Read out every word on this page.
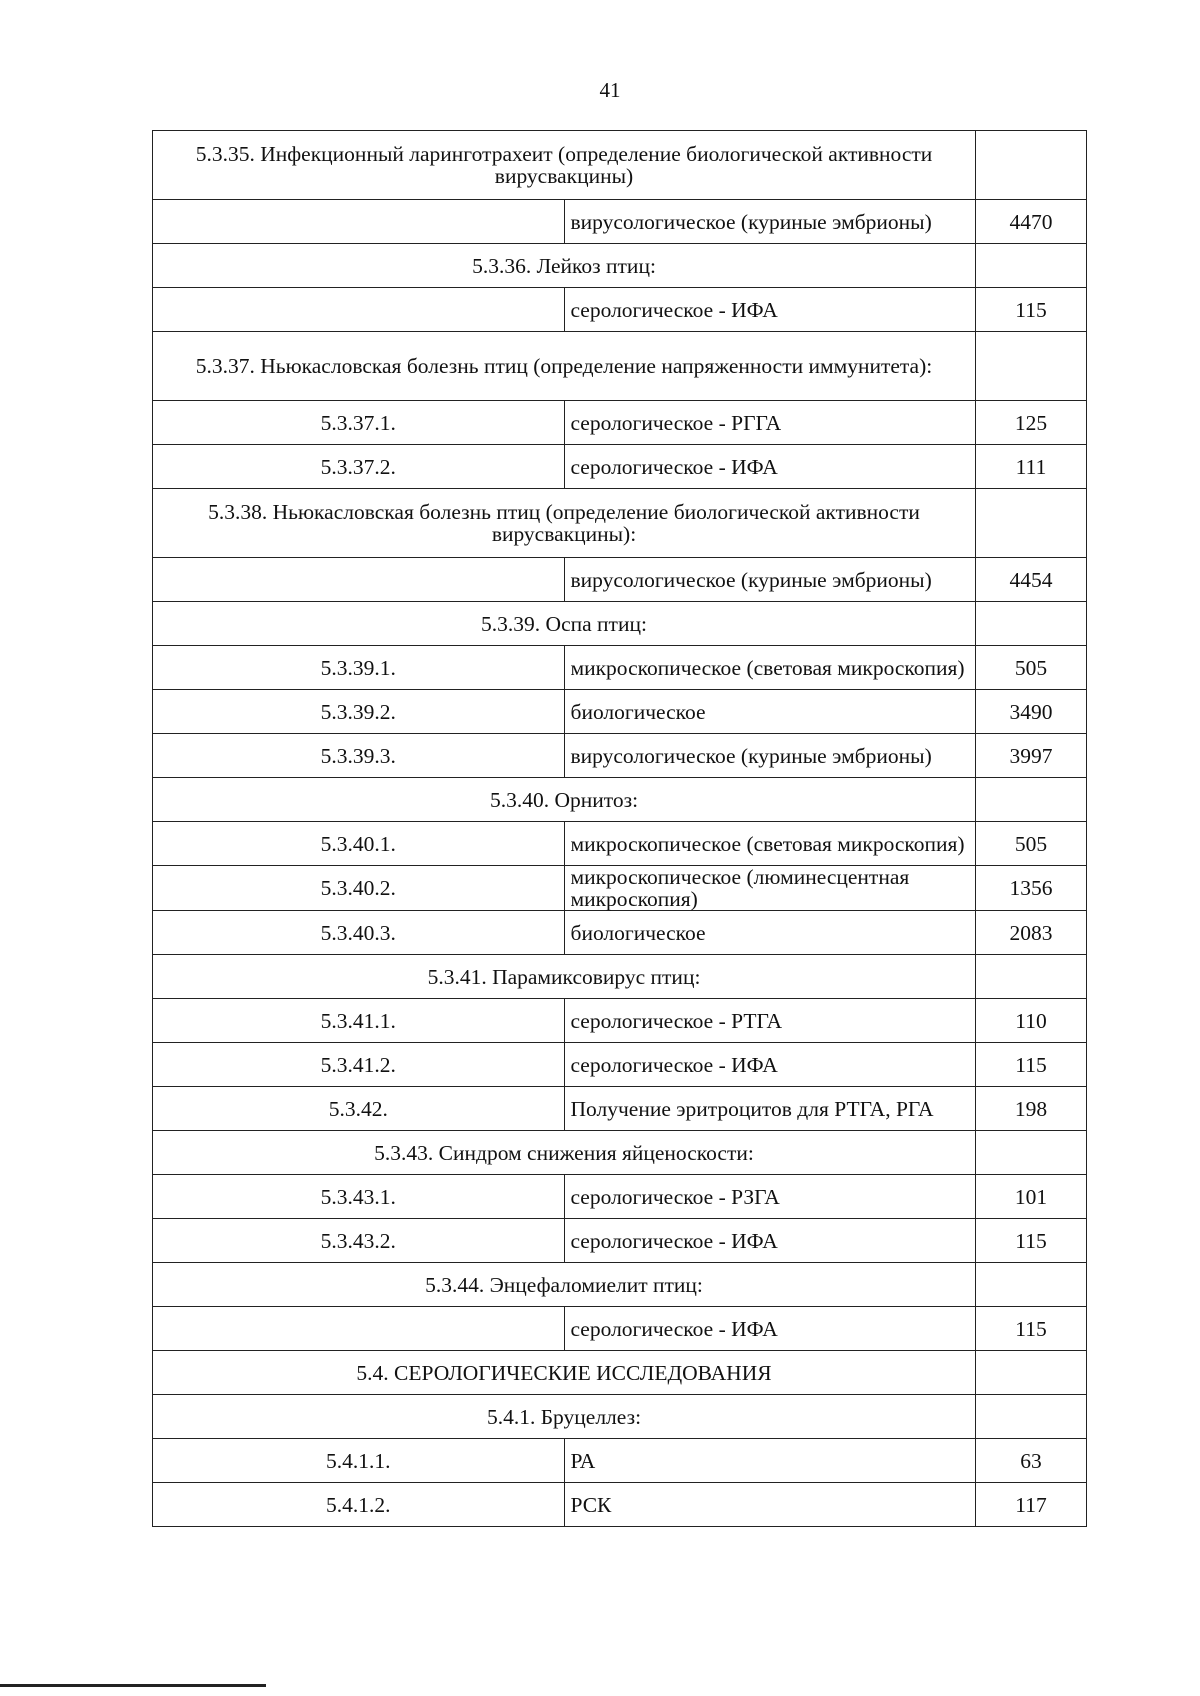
41
5.3.35. Инфекционный ларинготрахеит (определение биологической активности вирусвакцины)		
	вирусологическое (куриные эмбрионы)	4470
5.3.36. Лейкоз птиц:		
	серологическое - ИФА	115
5.3.37. Ньюкасловская болезнь птиц (определение напряженности иммунитета):		
5.3.37.1.	серологическое - РГГА	125
5.3.37.2.	серологическое - ИФА	111
5.3.38. Ньюкасловская болезнь птиц (определение биологической активности вирусвакцины):		
	вирусологическое (куриные эмбрионы)	4454
5.3.39. Оспа птиц:		
5.3.39.1.	микроскопическое (световая микроскопия)	505
5.3.39.2.	биологическое	3490
5.3.39.3.	вирусологическое (куриные эмбрионы)	3997
5.3.40. Орнитоз:		
5.3.40.1.	микроскопическое (световая микроскопия)	505
5.3.40.2.	микроскопическое (люминесцентная микроскопия)	1356
5.3.40.3.	биологическое	2083
5.3.41. Парамиксовирус птиц:		
5.3.41.1.	серологическое - РТГА	110
5.3.41.2.	серологическое - ИФА	115
5.3.42.	Получение эритроцитов для РТГА, РГА	198
5.3.43. Синдром снижения яйценоскости:		
5.3.43.1.	серологическое - РЗГА	101
5.3.43.2.	серологическое - ИФА	115
5.3.44. Энцефаломиелит птиц:		
	серологическое - ИФА	115
5.4. СЕРОЛОГИЧЕСКИЕ ИССЛЕДОВАНИЯ		
5.4.1. Бруцеллез:		
5.4.1.1.	РА	63
5.4.1.2.	РСК	117
